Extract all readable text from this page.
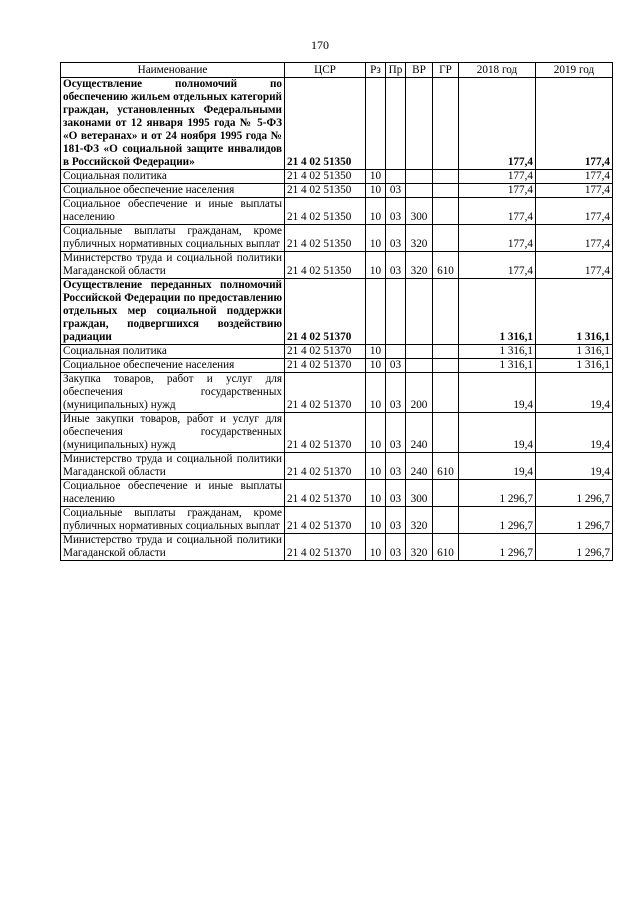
170
Наименование	ЦСР	Рз	Пр	ВР	ГР	2018 год	2019 год
Осуществление полномочий по обеспечению жильем отдельных категорий граждан, установленных Федеральными законами от 12 января 1995 года № 5-ФЗ «О ветеранах» и от 24 ноября 1995 года № 181-ФЗ «О социальной защите инвалидов в Российской Федерации»	21 4 02 51350					177,4	177,4
Социальная политика	21 4 02 51350	10				177,4	177,4
Социальное обеспечение населения	21 4 02 51350	10	03			177,4	177,4
Социальное обеспечение и иные выплаты населению	21 4 02 51350	10	03	300		177,4	177,4
Социальные выплаты гражданам, кроме публичных нормативных социальных выплат	21 4 02 51350	10	03	320		177,4	177,4
Министерство труда и социальной политики Магаданской области	21 4 02 51350	10	03	320	610	177,4	177,4
Осуществление переданных полномочий Российской Федерации по предоставлению отдельных мер социальной поддержки граждан, подвергшихся воздействию радиации	21 4 02 51370					1 316,1	1 316,1
Социальная политика	21 4 02 51370	10				1 316,1	1 316,1
Социальное обеспечение населения	21 4 02 51370	10	03			1 316,1	1 316,1
Закупка товаров, работ и услуг для обеспечения государственных (муниципальных) нужд	21 4 02 51370	10	03	200		19,4	19,4
Иные закупки товаров, работ и услуг для обеспечения государственных (муниципальных) нужд	21 4 02 51370	10	03	240		19,4	19,4
Министерство труда и социальной политики Магаданской области	21 4 02 51370	10	03	240	610	19,4	19,4
Социальное обеспечение и иные выплаты населению	21 4 02 51370	10	03	300		1 296,7	1 296,7
Социальные выплаты гражданам, кроме публичных нормативных социальных выплат	21 4 02 51370	10	03	320		1 296,7	1 296,7
Министерство труда и социальной политики Магаданской области	21 4 02 51370	10	03	320	610	1 296,7	1 296,7
